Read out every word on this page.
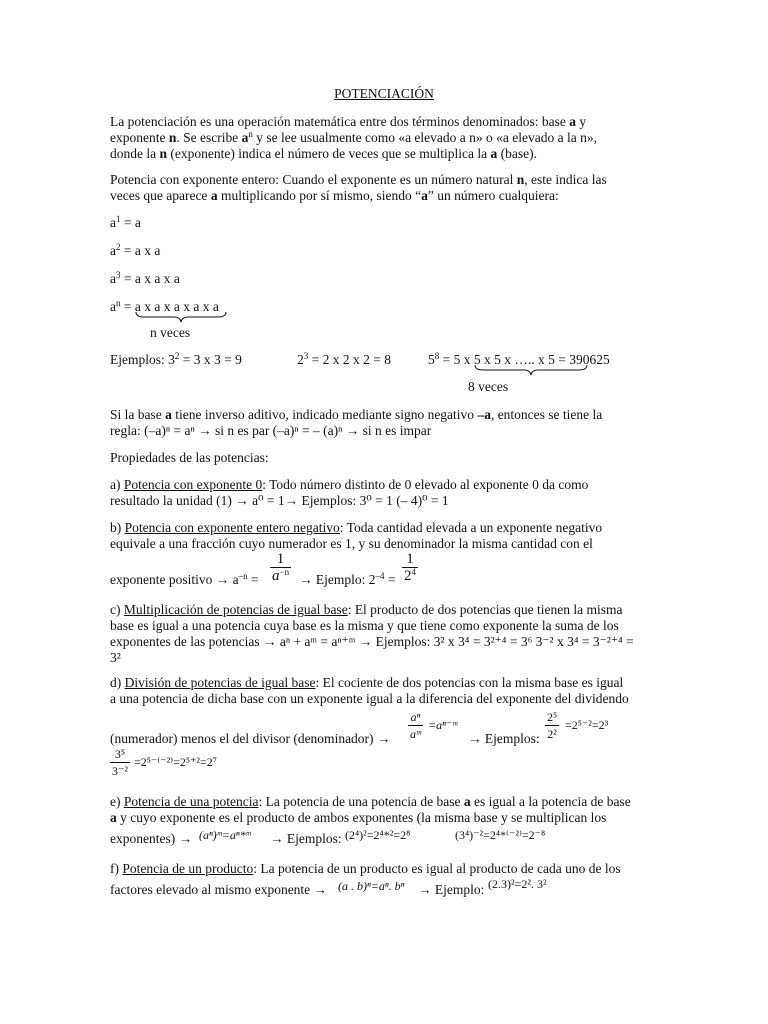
POTENCIACIÓN
La potenciación es una operación matemática entre dos términos denominados: base a y
exponente n. Se escribe $a^n$ y se lee usualmente como «a elevado a n» o «a elevado a la n»,
donde la n (exponente) indica el número de veces que se multiplica la a (base).
Potencia con exponente entero: Cuando el exponente es un número natural n, este indica las
veces que aparece a multiplicando por sí mismo, siendo “a” un número cualquiera:
$a^1 = a$
$a^2 = a$ x a
$a^3 = a$ x a x a
$a^n = a$ x a x a x a x a
n veces
Ejemplos: $3^2 = 3$ x 3 = 9	$2^3 = 2$ x 2 x 2 = 8	$5^8 = 5$ x 5 x 5 x ….. x 5 = 390625
8 veces
Si la base a tiene inverso aditivo, indicado mediante signo negativo –a, entonces se tiene la
regla: (–a)ⁿ = aⁿ → si n es par (–a)ⁿ = – (a)ⁿ → si n es impar
Propiedades de las potencias:
a) Potencia con exponente 0: Todo número distinto de 0 elevado al exponente 0 da como
resultado la unidad (1) → a⁰ = 1→ Ejemplos: 3⁰ = 1 (– 4)⁰ = 1
b) Potencia con exponente entero negativo: Toda cantidad elevada a un exponente negativo
equivale a una fracción cuyo numerador es 1, y su denominador la misma cantidad con el
exponente positivo → $a^{-n} = \frac{1}{a^{-n}}$ → Ejemplo: $2^{-4} = \frac{1}{2^4}$
c) Multiplicación de potencias de igual base: El producto de dos potencias que tienen la misma
base es igual a una potencia cuya base es la misma y que tiene como exponente la suma de los
exponentes de las potencias → aⁿ + aᵐ = aⁿ⁺ᵐ → Ejemplos: 3² x 3⁴ = 3²⁺⁴ = 3⁶ 3⁻² x 3⁴ = 3⁻²⁺⁴ =
3²
d) División de potencias de igual base: El cociente de dos potencias con la misma base es igual
a una potencia de dicha base con un exponente igual a la diferencia del exponente del dividendo
(numerador) menos el del divisor (denominador) → $\frac{\text{aⁿ}}{\text{aᵐ}}$ =aⁿ⁻ᵐ
→ Ejemplos: $\frac{\text{2⁵}}{\text{2²}} =2^{5-2}=2^3$
$\frac{\text{3⁵}}{\text{3⁻²}} =2^{5-(-2)}=2^{5+2}=2^7$
e) Potencia de una potencia: La potencia de una potencia de base a es igual a la potencia de base
a y cuyo exponente es el producto de ambos exponentes (la misma base y se multiplican los
exponentes) → (aⁿ)ᵐ=aⁿ*ᵐ → Ejemplos: (2⁴)²=2⁴*²=2⁸	(3⁴)⁻²=2⁴*⁽⁻²⁾=2⁻⁸
f) Potencia de un producto: La potencia de un producto es igual al producto de cada uno de los
factores elevado al mismo exponente → (a . b)ⁿ=aⁿ. bⁿ → Ejemplo: (2.3)²=2². 3²
